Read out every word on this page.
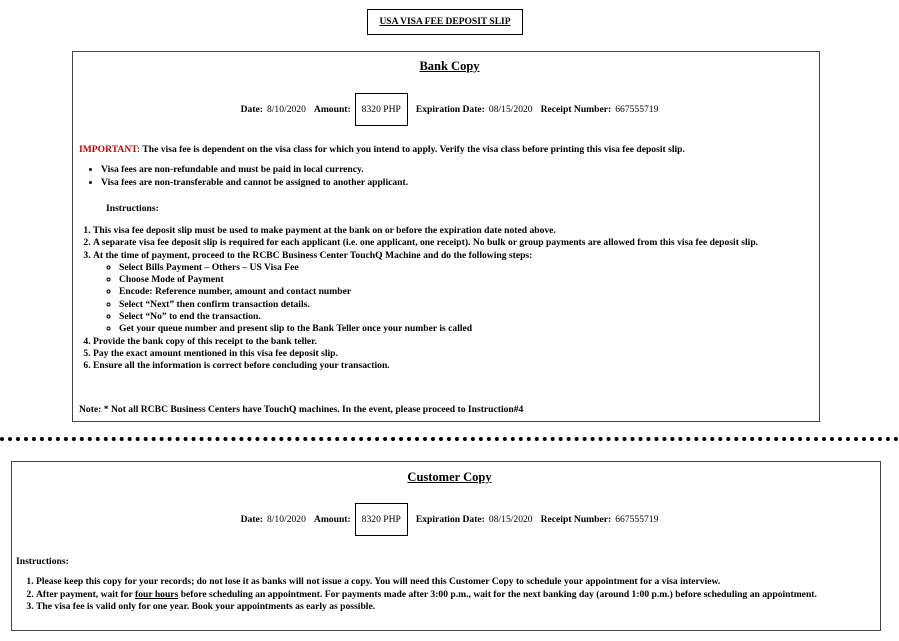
USA VISA FEE DEPOSIT SLIP
Bank Copy
Date: 8/10/2020 Amount:	8320 PHP	Expiration Date: 08/15/2020 Receipt Number: 667555719
IMPORTANT: The visa fee is dependent on the visa class for which you intend to apply. Verify the visa class before printing this visa fee deposit slip.
• Visa fees are non-refundable and must be paid in local currency.
• Visa fees are non-transferable and cannot be assigned to another applicant.
Instructions:
1. This visa fee deposit slip must be used to make payment at the bank on or before the expiration date noted above.
2. A separate visa fee deposit slip is required for each applicant (i.e. one applicant, one receipt). No bulk or group payments are allowed from this visa fee deposit slip.
3. At the time of payment, proceed to the RCBC Business Center TouchQ Machine and do the following steps:
◦ Select Bills Payment – Others – US Visa Fee
◦ Choose Mode of Payment
◦ Encode: Reference number, amount and contact number
◦ Select “Next” then confirm transaction details.
◦ Select “No” to end the transaction.
◦ Get your queue number and present slip to the Bank Teller once your number is called
4. Provide the bank copy of this receipt to the bank teller.
5. Pay the exact amount mentioned in this visa fee deposit slip.
6. Ensure all the information is correct before concluding your transaction.
Note: * Not all RCBC Business Centers have TouchQ machines. In the event, please proceed to Instruction#4
Customer Copy
Date: 8/10/2020 Amount:	8320 PHP	Expiration Date: 08/15/2020 Receipt Number: 667555719
Instructions:
1. Please keep this copy for your records; do not lose it as banks will not issue a copy. You will need this Customer Copy to schedule your appointment for a visa interview.
2. After payment, wait for four hours before scheduling an appointment. For payments made after 3:00 p.m., wait for the next banking day (around 1:00 p.m.) before scheduling an appointment.
3. The visa fee is valid only for one year. Book your appointments as early as possible.
